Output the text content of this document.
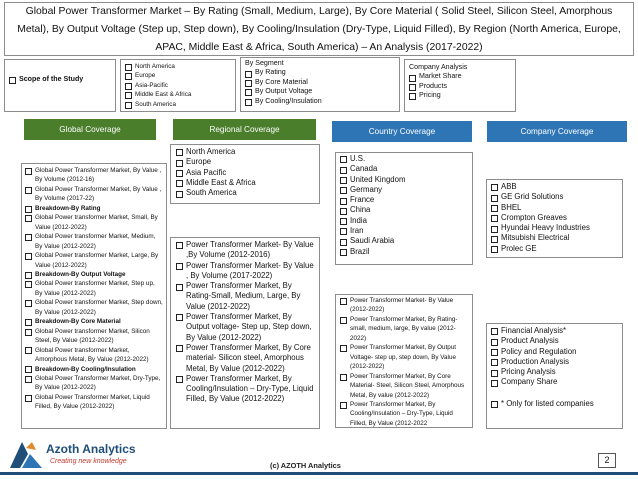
Global Power Transformer Market – By Rating (Small, Medium, Large), By Core Material ( Solid Steel, Silicon Steel, Amorphous Metal), By Output Voltage (Step up, Step down), By Cooling/Insulation (Dry-Type, Liquid Filled), By Region (North America, Europe, APAC, Middle East & Africa, South America) – An Analysis (2017-2022)
Scope of the Study
North America
Europe
Asia-Pacific
Middle East & Africa
South America
By Segment
By Rating
By Core Material
By Output Voltage
By Cooling/Insulation
Company Analysis
Market Share
Products
Pricing
Global Coverage	Regional Coverage	Country Coverage	Company Coverage
Global Power Transformer Market, By Value , By Volume (2012-16)
Global Power Transformer Market, By Value , By Volume (2017-22)
Breakdown-By Rating
Global Power transformer Market, Small, By Value (2012-2022)
Global Power transformer Market, Medium, By Value (2012-2022)
Global Power transformer Market, Large, By Value (2012-2022)
Breakdown-By Output Voltage
Global Power transformer Market, Step up, By Value (2012-2022)
Global Power transformer Market, Step down, By Value (2012-2022)
Breakdown-By Core Material
Global Power transformer Market, Silicon Steel, By Value (2012-2022)
Global Power transformer Market, Amorphous Metal, By Value (2012-2022)
Breakdown-By Cooling/Insulation
Global Power Transformer Market, Dry-Type, By Value (2012-2022)
Global Power Transformer Market, Liquid Filled, By Value (2012-2022)
North America
Europe
Asia Pacific
Middle East & Africa
South America
Power Transformer Market- By Value ,By Volume (2012-2016)
Power Transformer Market- By Value , By Volume (2017-2022)
Power Transformer Market, By Rating-Small, Medium, Large, By Value (2012-2022)
Power Transformer Market, By Output voltage- Step up, Step down, By Value (2012-2022)
Power Transformer Market, By Core material- Silicon steel, Amorphous Metal, By Value (2012-2022)
Power Transformer Market, By Cooling/Insulation – Dry-Type, Liquid Filled, By Value (2012-2022)
U.S.
Canada
United Kingdom
Germany
France
China
India
Iran
Saudi Arabia
Brazil
Power Transformer Market- By Value (2012-2022)
Power Transformer Market, By Rating- small, medium, large, By value (2012-2022)
Power Transformer Market, By Output Voltage- step up, step down, By Value (2012-2022)
Power Transformer Market, By Core Material- Steel, Silicon Steel, Amorphous Metal, By value (2012-2022)
Power Transformer Market, By Cooling/Insulation – Dry-Type, Liquid Filled, By Value (2012-2022
ABB
GE Grid Solutions
BHEL
Crompton Greaves
Hyundai Heavy Industries
Mitsubishi Electrical
Prolec GE
Financial Analysis*
Product Analysis
Policy and Regulation
Production Analysis
Pricing Analysis
Company Share
* Only for listed companies
Azoth Analytics
Creating new knowledge	(c) AZOTH Analytics
2
